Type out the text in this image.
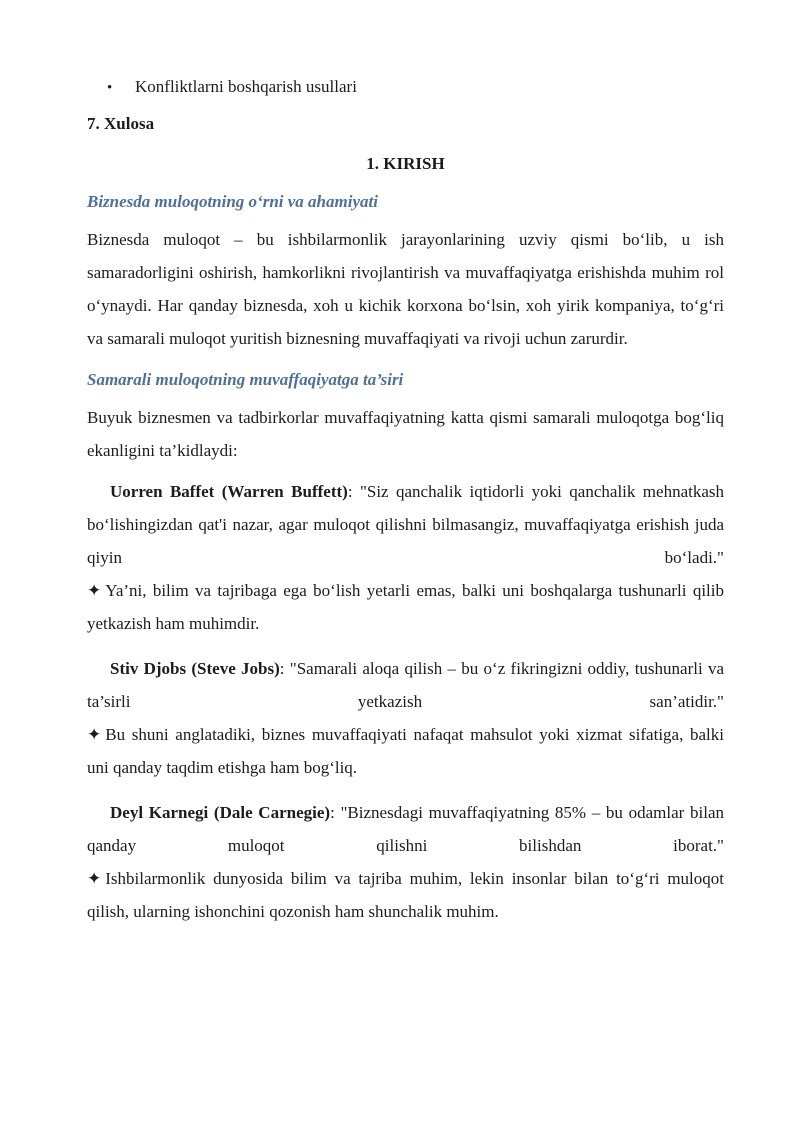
•	Konfliktlarni boshqarish usullari
7. Xulosa
1. KIRISH
Biznesda muloqotning o‘rni va ahamiyati

Biznesda muloqot – bu ishbilarmonlik jarayonlarining uzviy qismi bo‘lib, u ish samaradorligini oshirish, hamkorlikni rivojlantirish va muvaffaqiyatga erishishda muhim rol o‘ynaydi. Har qanday biznesda, xoh u kichik korxona bo‘lsin, xoh yirik kompaniya, to‘g‘ri va samarali muloqot yuritish biznesning muvaffaqiyati va rivoji uchun zarurdir.

Samarali muloqotning muvaffaqiyatga ta’siri

Buyuk biznesmen va tadbirkorlar muvaffaqiyatning katta qismi samarali muloqotga bog‘liq ekanligini ta’kidlaydi:

Uorren Baffet (Warren Buffett): "Siz qanchalik iqtidorli yoki qanchalik mehnatkash bo‘lishingizdan qat'i nazar, agar muloqot qilishni bilmasangiz, muvaffaqiyatga erishish juda qiyin bo‘ladi."

✦ Ya’ni, bilim va tajribaga ega bo‘lish yetarli emas, balki uni boshqalarga tushunarli qilib yetkazish ham muhimdir.

Stiv Djobs (Steve Jobs): "Samarali aloqa qilish – bu o‘z fikringizni oddiy, tushunarli va ta’sirli yetkazish san’atidir."

✦ Bu shuni anglatadiki, biznes muvaffaqiyati nafaqat mahsulot yoki xizmat sifatiga, balki uni qanday taqdim etishga ham bog‘liq.

Deyl Karnegi (Dale Carnegie): "Biznesdagi muvaffaqiyatning 85% – bu odamlar bilan qanday muloqot qilishni bilishdan iborat."

✦ Ishbilarmonlik dunyosida bilim va tajriba muhim, lekin insonlar bilan to‘g‘ri muloqot qilish, ularning ishonchini qozonish ham shunchalik muhim.
